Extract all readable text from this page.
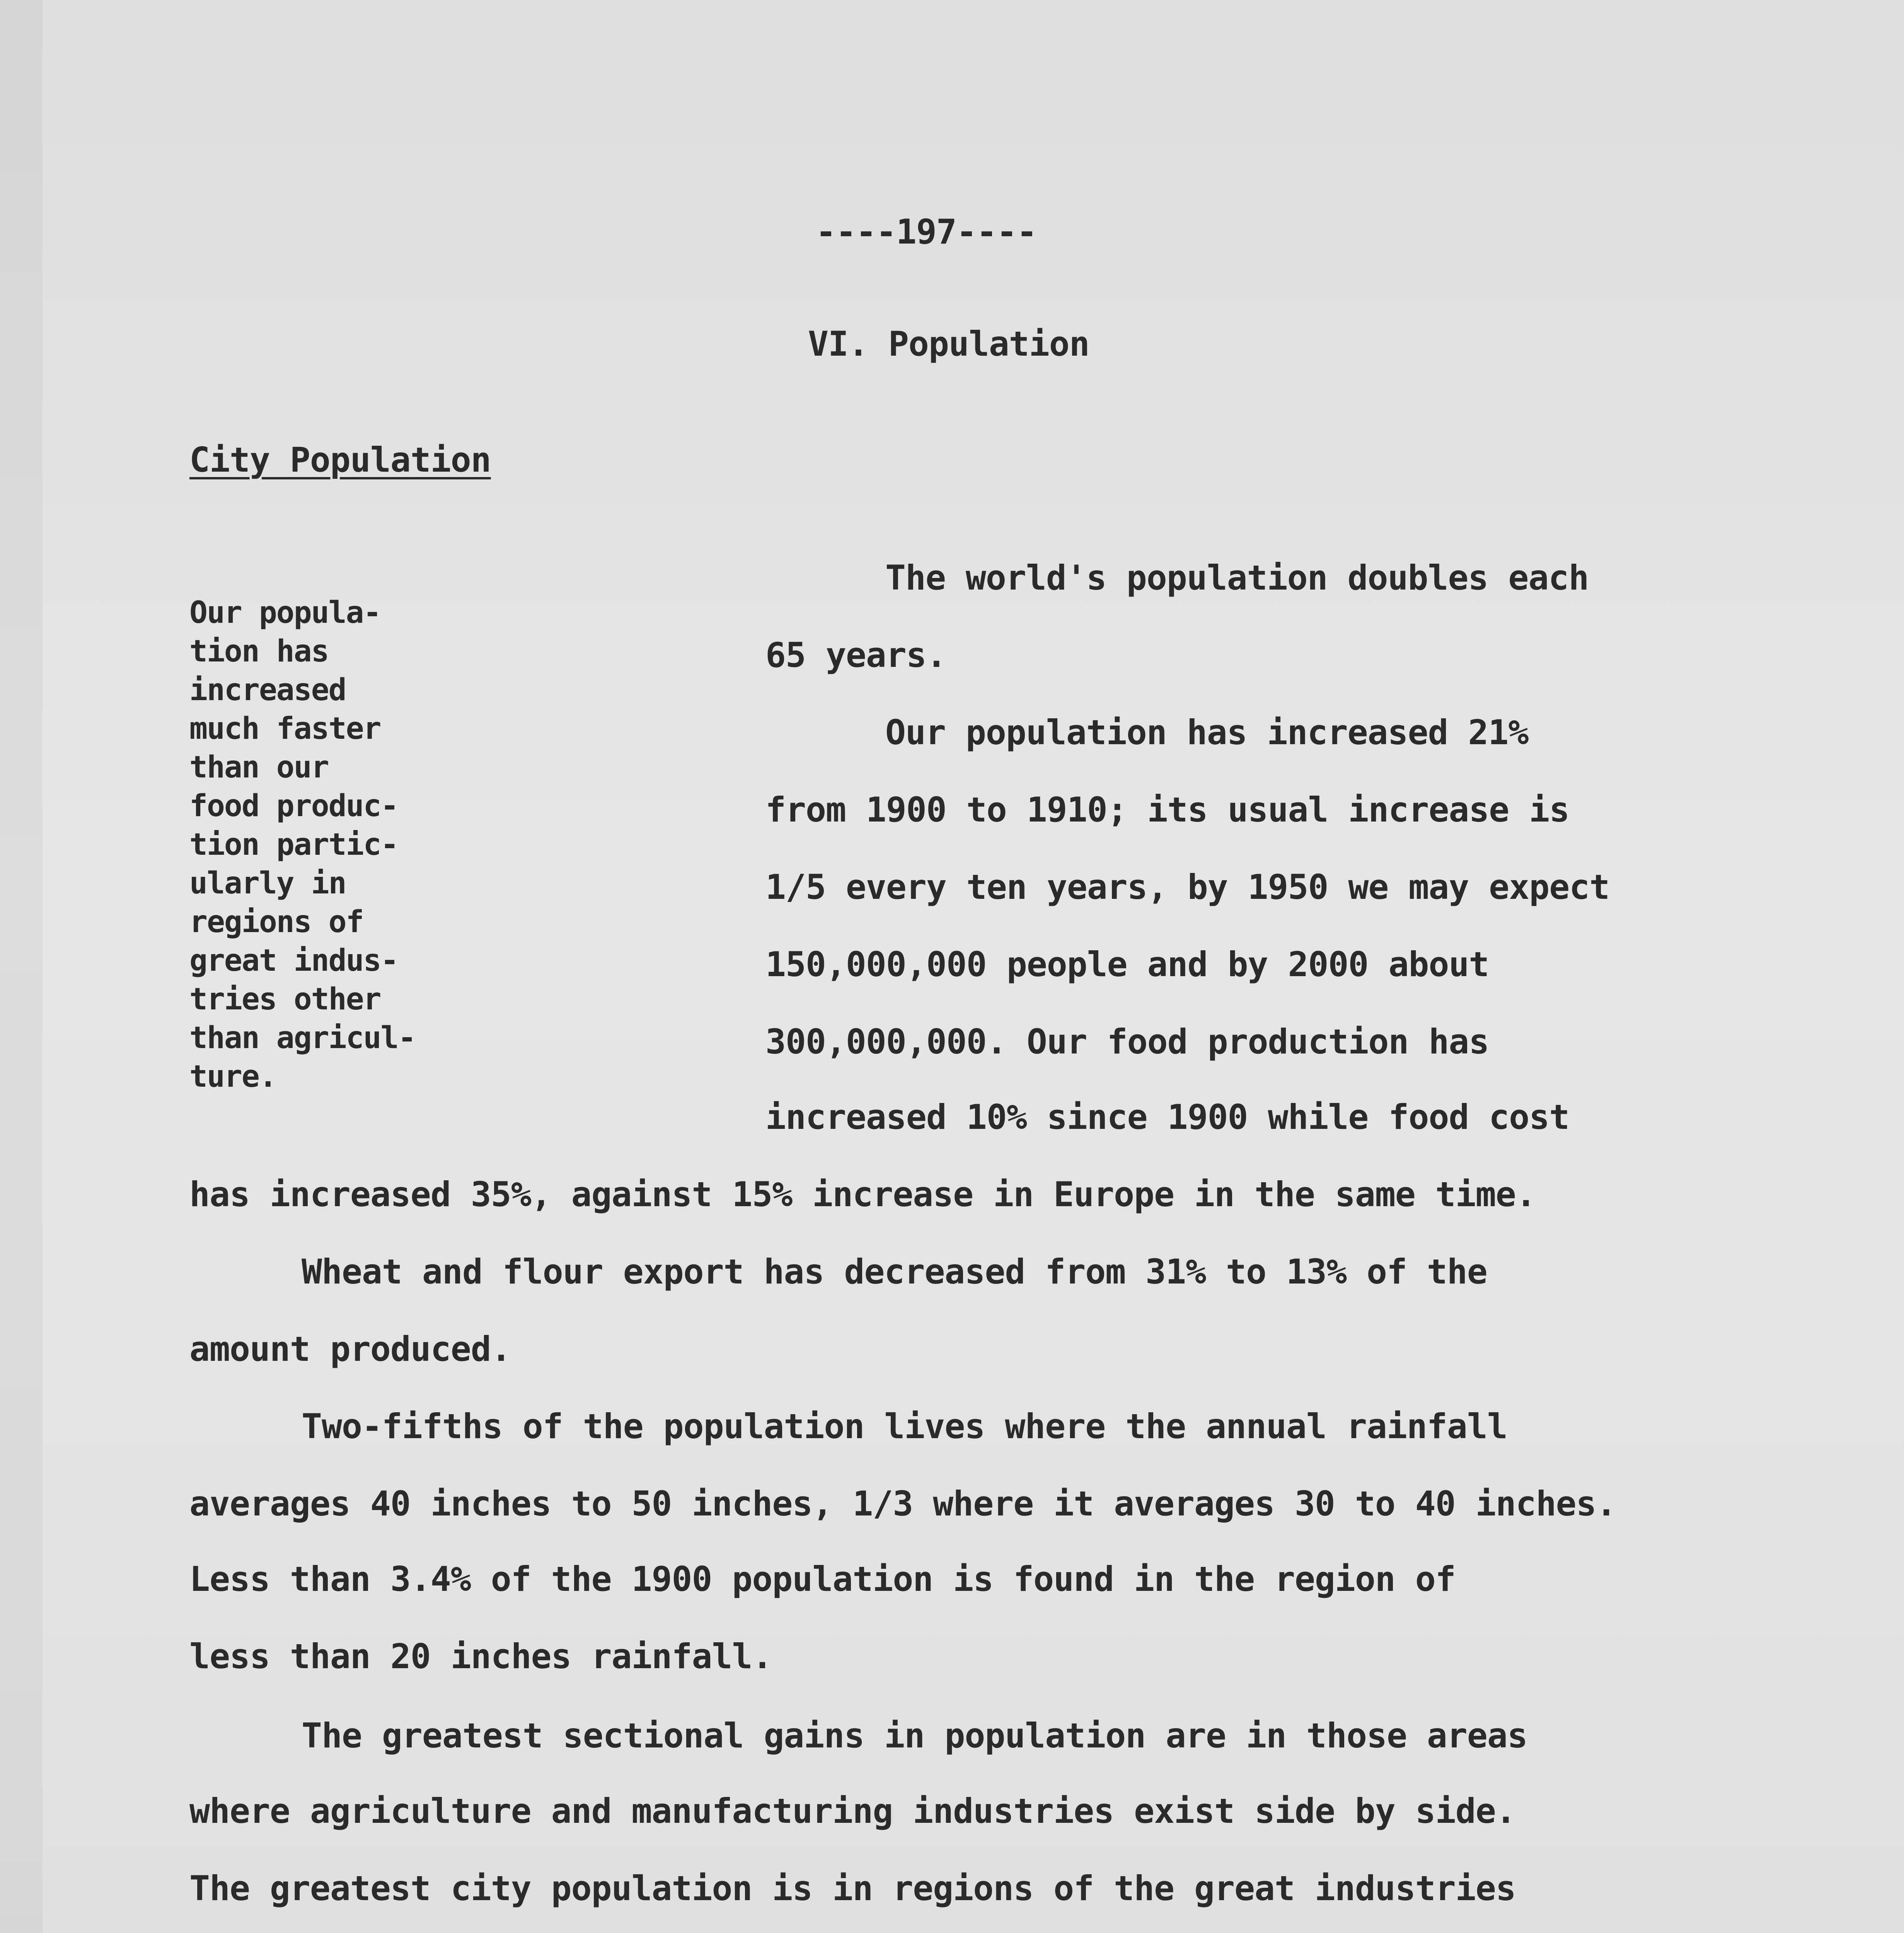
----197----

VI. Population

City Population

Our popula-

tion has

increased

much faster

than our

food produc-

tion partic-

ularly in

regions of

great indus-

tries other

than agricul-

ture.

The world's population doubles each

65 years.

Our population has increased 21%

from 1900 to 1910; its usual increase is

1/5 every ten years, by 1950 we may expect

150,000,000 people and by 2000 about

300,000,000. Our food production has

increased 10% since 1900 while food cost

has increased 35%, against 15% increase in Europe in the same time.

Wheat and flour export has decreased from 31% to 13% of the

amount produced.

Two-fifths of the population lives where the annual rainfall

averages 40 inches to 50 inches, 1/3 where it averages 30 to 40 inches.

Less than 3.4% of the 1900 population is found in the region of

less than 20 inches rainfall.

The greatest sectional gains in population are in those areas

where agriculture and manufacturing industries exist side by side.

The greatest city population is in regions of the great industries
